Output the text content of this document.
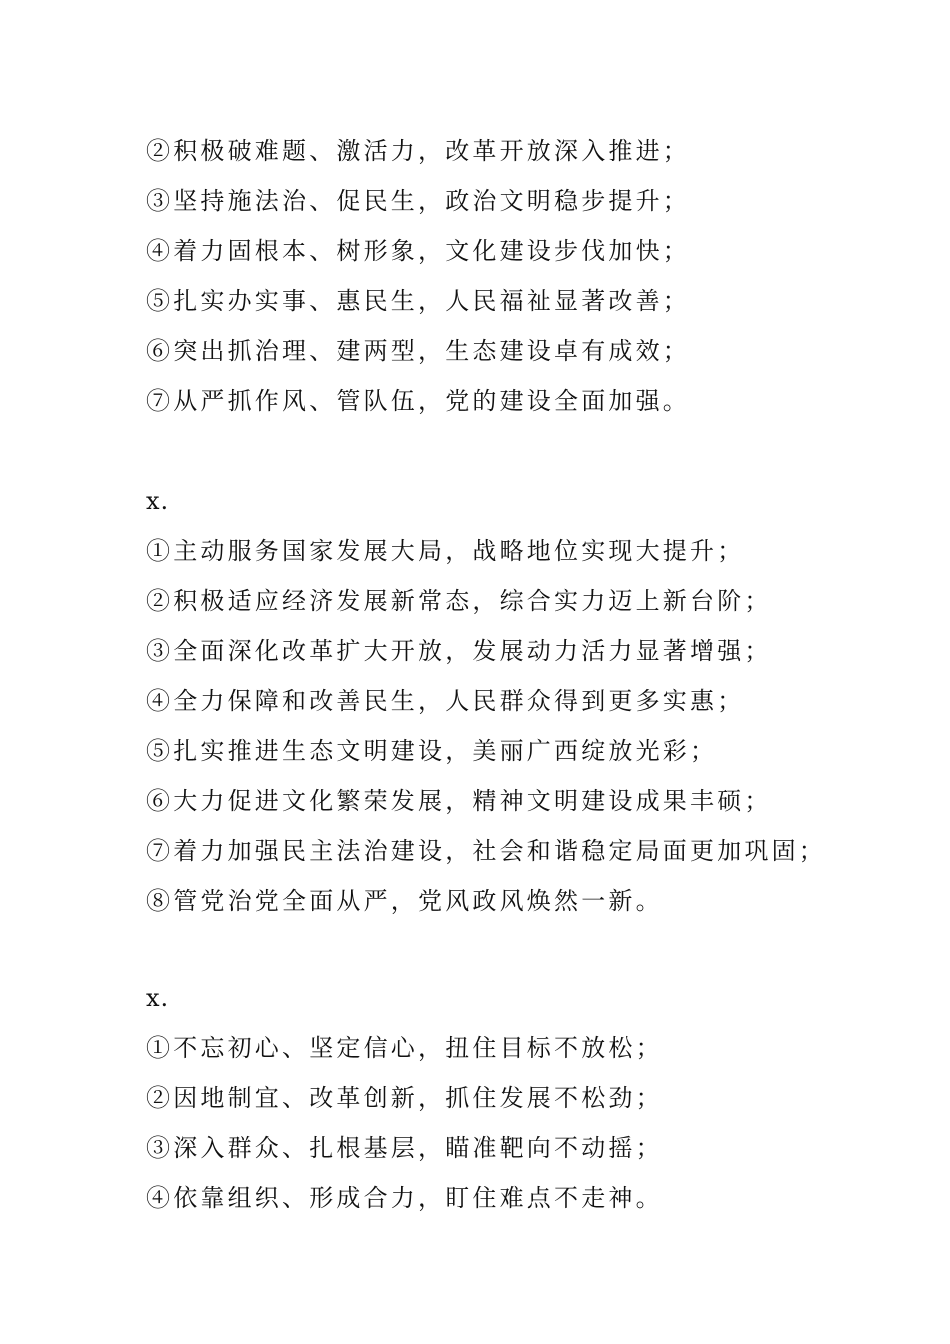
②积极破难题、激活力，改革开放深入推进；
③坚持施法治、促民生，政治文明稳步提升；
④着力固根本、树形象，文化建设步伐加快；
⑤扎实办实事、惠民生，人民福祉显著改善；
⑥突出抓治理、建两型，生态建设卓有成效；
⑦从严抓作风、管队伍，党的建设全面加强。
x.
①主动服务国家发展大局，战略地位实现大提升；
②积极适应经济发展新常态，综合实力迈上新台阶；
③全面深化改革扩大开放，发展动力活力显著增强；
④全力保障和改善民生，人民群众得到更多实惠；
⑤扎实推进生态文明建设，美丽广西绽放光彩；
⑥大力促进文化繁荣发展，精神文明建设成果丰硕；
⑦着力加强民主法治建设，社会和谐稳定局面更加巩固；
⑧管党治党全面从严，党风政风焕然一新。
x.
①不忘初心、坚定信心，扭住目标不放松；
②因地制宜、改革创新，抓住发展不松劲；
③深入群众、扎根基层，瞄准靶向不动摇；
④依靠组织、形成合力，盯住难点不走神。
